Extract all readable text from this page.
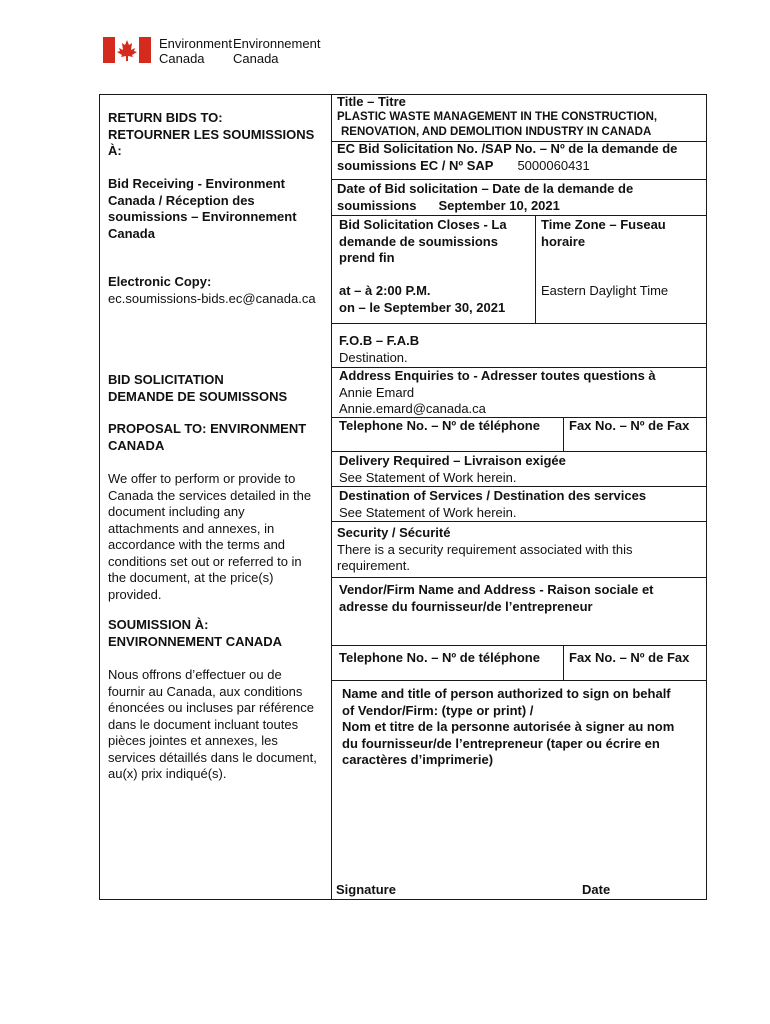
Environment
Canada
Environnement
Canada
RETURN BIDS TO:
RETOURNER LES SOUMISSIONS
À:
Bid Receiving - Environment
Canada / Réception des
soumissions – Environnement
Canada
Electronic Copy:
ec.soumissions-bids.ec@canada.ca
BID SOLICITATION
DEMANDE DE SOUMISSONS
PROPOSAL TO: ENVIRONMENT
CANADA
We offer to perform or provide to
Canada the services detailed in the
document including any
attachments and annexes, in
accordance with the terms and
conditions set out or referred to in
the document, at the price(s)
provided.
SOUMISSION À:
ENVIRONNEMENT CANADA
Nous offrons d’effectuer ou de
fournir au Canada, aux conditions
énoncées ou incluses par référence
dans le document incluant toutes
pièces jointes et annexes, les
services détaillés dans le document,
au(x) prix indiqué(s).
Title – Titre
PLASTIC WASTE MANAGEMENT IN THE CONSTRUCTION,
RENOVATION, AND DEMOLITION INDUSTRY IN CANADA
EC Bid Solicitation No. /SAP No. – Nº de la demande de
soumissions EC / Nº SAP 5000060431
Date of Bid solicitation – Date de la demande de
soumissions September 10, 2021
Bid Solicitation Closes - La
demande de soumissions
prend fin
Time Zone – Fuseau
horaire
at – à 2:00 P.M.
on – le September 30, 2021
Eastern Daylight Time
F.O.B – F.A.B
Destination.
Address Enquiries to - Adresser toutes questions à
Annie Emard
Annie.emard@canada.ca
Telephone No. – Nº de téléphone Fax No. – Nº de Fax
Delivery Required – Livraison exigée
See Statement of Work herein.
Destination of Services / Destination des services
See Statement of Work herein.
Security / Sécurité
There is a security requirement associated with this
requirement.
Vendor/Firm Name and Address - Raison sociale et
adresse du fournisseur/de l’entrepreneur
Telephone No. – Nº de téléphone Fax No. – Nº de Fax
Name and title of person authorized to sign on behalf
of Vendor/Firm: (type or print) /
Nom et titre de la personne autorisée à signer au nom
du fournisseur/de l’entrepreneur (taper ou écrire en
caractères d’imprimerie)
Signature	Date
